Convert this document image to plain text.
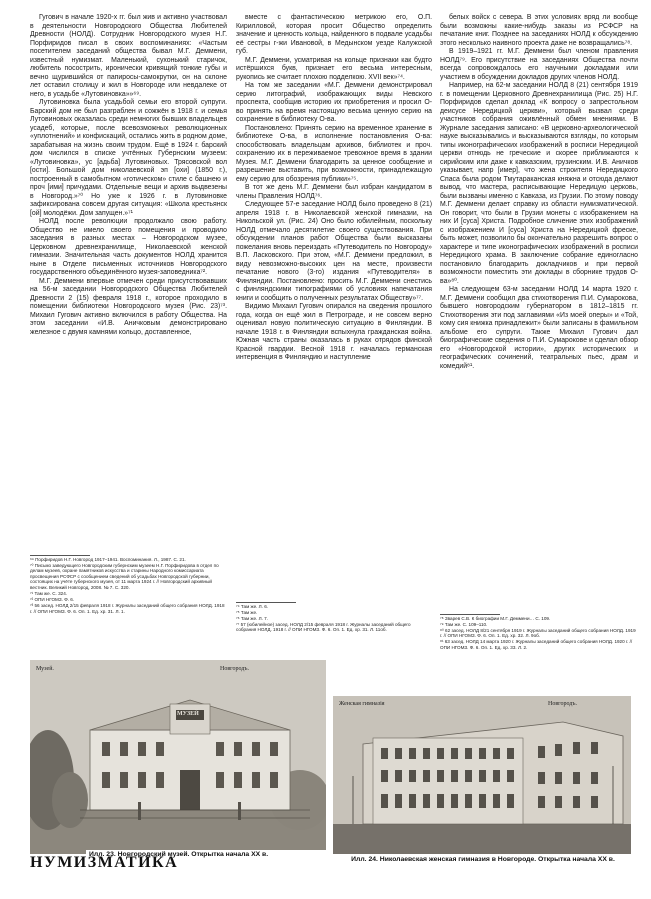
Гугович в начале 1920-х гг. был жив и активно участвовал в деятельности Новгородского Общества Любителей Древности (НОЛД). Сотрудник Новгородского музея Н.Г. Порфиридов писал в своих воспоминаниях: «Частым посетителем заседаний общества бывал М.Г. Деммени, известный нумизмат. Маленький, сухонький старичок, любитель посострить, иронически кривящий тонкие губы и вечно щурившийся от папиросы-самокрутки, он на склоне лет оставил столицу и жил в Новгороде или невдалеке от него, в усадьбе «Лутовиновка»»⁶⁹.

Лутовиновка была усадьбой семьи его второй супруги. Барский дом не был разграблен и сожжён в 1918 г. и семья Лутовиновых оказалась среди немногих бывших владельцев усадеб, которые, после всевозможных революционных «уплотнений» и конфискаций, остались жить в родном доме, зарабатывая на жизнь своим трудом. Ещё в 1924 г. барский дом числился в списке учтённых Губернским музеем: «Лутовиновка», ус [адьба] Лутовиновых. Трясовской вол [ости]. Большой дом николаевской эп [охи] (1850 г.), построенный в самобытном «готическом» стиле с башнею и проч [ими] причудами. Отдельные вещи и архив выдвезены в Новгород.»⁷⁰ Но уже к 1926 г. в Лутовиновке зафиксирована совсем другая ситуация: «Школа крестьянск [ой] молодёжи. Дом запущен.»⁷¹

НОЛД после революции продолжало свою работу. Общество не имело своего помещения и проводило заседания в разных местах – Новгородском музее, Церковном древнехранилище, Николаевской женской гимназии. Значительная часть документов НОЛД хранится ныне в Отделе письменных источников Новгородского государственного объединённого музея-заповедника⁷².

М.Г. Деммени впервые отмечен среди присутствовавших на 56-м заседании Новгородского Общества Любителей Древности 2 (15) февраля 1918 г., которое проходило в помещении библиотеки Новгородского музея (Рис. 23)⁷³. Михаил Гугович активно включился в работу Общества. На этом заседании «И.В. Аничковым демонстрировано железное с двумя камнями кольцо, доставленное,

вместе с фантастическою метрикою его, О.П. Кирилловой, которая просит Общество определить значение и ценность кольца, найденного в подвале усадьбы её сестры г-жи Ивановой, в Медынском уезде Калужской губ.

М.Г. Деммени, усматривая на кольце признаки как будто истёршихся букв, признает его весьма интересным, рукопись же считает плохою подделкою. XVII век»⁷⁴.

На том же заседании «М.Г. Деммени демонстрировал серию литографий, изображающих виды Невского проспекта, сообщив историю их приобретения и просил О-во принять на время настоящую весьма ценную серию на сохранение в библиотеку О-ва.

Постановлено: Принять серию на временное хранение в библиотеке О-ва, в исполнение постановления О-ва: способствовать владельцам архивов, библиотек и проч. сохранению их в переживаемое тревожное время в здании Музея. М.Г. Деммени благодарить за ценное сообщение и разрешение выставить, при возможности, принадлежащую ему серию для обозрения публики»⁷⁵.

В тот же день М.Г. Деммени был избран кандидатом в члены Правления НОЛД⁷⁶.

Следующее 57-е заседание НОЛД было проведено 8 (21) апреля 1918 г. в Николаевской женской гимназии, на Никольской ул. (Рис. 24) Оно было юбилейным, поскольку НОЛД отмечало десятилетие своего существования. При обсуждении планов работ Общества были высказаны пожелания вновь переиздать «Путеводитель по Новгороду» В.П. Ласковского. При этом, «М.Г. Деммени предложил, в виду невозможно-высоких цен на месте, произвести печатание нового (3-го) издания «Путеводителя» в Финляндии. Постановлено: просить М.Г. Деммени снестись с финляндскими типографиями об условиях напечатания книги и сообщить о полученных результатах Обществу»⁷⁷.

Видимо Михаил Гугович опирался на сведения прошлого года, когда он ещё жил в Петрограде, и не совсем верно оценивал новую политическую ситуацию в Финляндии. В начале 1918 г. в Финляндии вспыхнула гражданская война. Южная часть страны оказалась в руках отрядов финской Красной гвардии. Весной 1918 г. началась германская интервенция в Финляндию и наступление

белых войск с севера. В этих условиях вряд ли вообще были возможны какие-нибудь заказы из РСФСР на печатание книг. Позднее на заседаниях НОЛД к обсуждению этого несколько наивного проекта даже не возвращались⁷⁸.

В 1919–1921 гг. М.Г. Деммени был членом правления НОЛД⁷⁹. Его присутствие на заседаниях Общества почти всегда сопровождалось его научными докладами или участием в обсуждении докладов других членов НОЛД.

Например, на 62-м заседании НОЛД 8 (21) сентября 1919 г. в помещении Церковного Древнехранилища (Рис. 25) Н.Г. Порфиридов сделал доклад «К вопросу о запрестольном деисусе Нередицкой церкви», который вызвал среди участников собрания оживлённый обмен мнениями. В Журнале заседания записано: «В церковно-археологической науке высказывались и высказываются взгляды, по которым типы иконографических изображений в росписи Нередицкой церкви отнюдь не греческие и скорее приближаются к сирийским или даже к кавказским, грузинским. И.В. Аничков указывает, напр [имер], что жена строителя Нередицкого Спаса была родом Тмутараканская княжна и отсюда делают вывод, что мастера, расписывающие Нередицую церковь, были вызваны именно с Кавказа, из Грузии. По этому поводу М.Г. Деммени делает справку из области нумизматической. Он говорит, что были в Грузии монеты с изображением на них И [суса] Христа. Подробное сличение этих изображений с изображением И [суса] Христа на Нередицкой фреске, быть может, позволило бы окончательно разрешить вопрос о характере и типе иконографических изображений в росписи Нередицкого храма. В заключение собрание единогласно постановило благодарить докладчиков и при первой возможности поместить эти доклады в сборнике трудов О-ва»⁸⁰.

На следующем 63-м заседании НОЛД 14 марта 1920 г. М.Г. Деммени сообщил два стихотворения П.И. Сумарокова, бывшего новгородским губернатором в 1812–1815 гг. Стихотворения эти под заглавиями «Из моей оперы» и «Той, кому сия книжка принадлежит» были записаны в фамильном альбоме его супруги. Также Михаил Гугович дал биографические сведения о П.И. Сумарокове и сделал обзор его «Новгородской истории», других исторических и географических сочинений, театральных пьес, драм и комедий⁸¹.

⁶⁹ Порфиридов Н.Г. Новгород 1917–1941. Воспоминания. Л., 1987. С. 21.
⁷⁰ Письмо заведующего Новгородским губернским музеем Н.Г. Порфиридова в отдел по делам музеев, охране памятников искусства и старины Народного комиссариата просвещения РСФСР с сообщением сведений об усадьбах Новгородской губернии, состоящих на учёте губернского музея, от 11 марта 1924 г. // Новгородский архивный вестник. Великий Новгород, 2008. № 7. С. 320.
⁷¹ Там же. С. 324.
⁷² ОПИ НГОМЗ. Ф. 6.
⁷³ 56 засед. НОЛД 2/15 февраля 1918 г. Журналы заседаний общего собрания НОЛД. 1918 г. // ОПИ НГОМЗ. Ф. 6. Оп. 1. Ед. хр. 31. Л. 1.
⁷⁴ Там же. Л. 6.
⁷⁵ Там же.
⁷⁶ Там же. Л. 7.
⁷⁷ 57 (юбилейное) засед. НОЛД 2/15 февраля 1918 г. Журналы заседаний общего собрания НОЛД. 1918 г. // ОПИ НГОМЗ. Ф. 6. Оп. 1. Ед. хр. 31. Л. 11об.
⁷⁸ Зварев С.В. К биографии М.Г. Деммени… С. 109.
⁷⁹ Там же. С. 109–110.
⁸⁰ 62 засед. НОЛД 8/21 сентября 1919 г. Журналы заседаний общего собрания НОЛД. 1919 г. // ОПИ НГОМЗ. Ф. 6. Оп. 1. Ед. хр. 32. Л. 9об.
⁸¹ 63 засед. НОЛД 14 марта 1920 г. Журналы заседаний общего собрания НОЛД. 1920 г. // ОПИ НГОМЗ. Ф. 6. Оп. 1. Ед. хр. 33. Л. 2.
Музей.	Новгородъ.
МУЗЕЙ
Илл. 23. Новгородский музей. Открытка начала XX в.
Женская гимназія	Новгородъ.
Илл. 24. Николаевская женская гимназия в Новгороде. Открытка начала XX в.
НУМИЗМАТИКА
